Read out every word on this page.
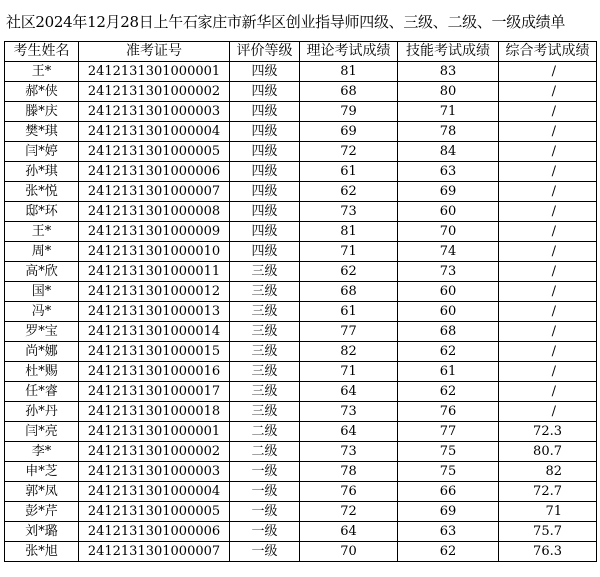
社区2024年12月28日上午石家庄市新华区创业指导师四级、三级、二级、一级成绩单
考生姓名	准考证号	评价等级	理论考试成绩	技能考试成绩	综合考试成绩
王*	2412131301000001	四级	81	83	/
郝*侠	2412131301000002	四级	68	80	/
滕*庆	2412131301000003	四级	79	71	/
樊*琪	2412131301000004	四级	69	78	/
闫*婷	2412131301000005	四级	72	84	/
孙*琪	2412131301000006	四级	61	63	/
张*悦	2412131301000007	四级	62	69	/
邸*环	2412131301000008	四级	73	60	/
王*	2412131301000009	四级	81	70	/
周*	2412131301000010	四级	71	74	/
高*欣	2412131301000011	三级	62	73	/
国*	2412131301000012	三级	68	60	/
冯*	2412131301000013	三级	61	60	/
罗*宝	2412131301000014	三级	77	68	/
尚*娜	2412131301000015	三级	82	62	/
杜*赐	2412131301000016	三级	71	61	/
任*睿	2412131301000017	三级	64	62	/
孙*丹	2412131301000018	三级	73	76	/
闫*亮	2412131301000001	二级	64	77	72.3
李*	2412131301000002	二级	73	75	80.7
申*芝	2412131301000003	一级	78	75	82
郭*凤	2412131301000004	一级	76	66	72.7
彭*芹	2412131301000005	一级	72	69	71
刘*璐	2412131301000006	一级	64	63	75.7
张*旭	2412131301000007	一级	70	62	76.3
